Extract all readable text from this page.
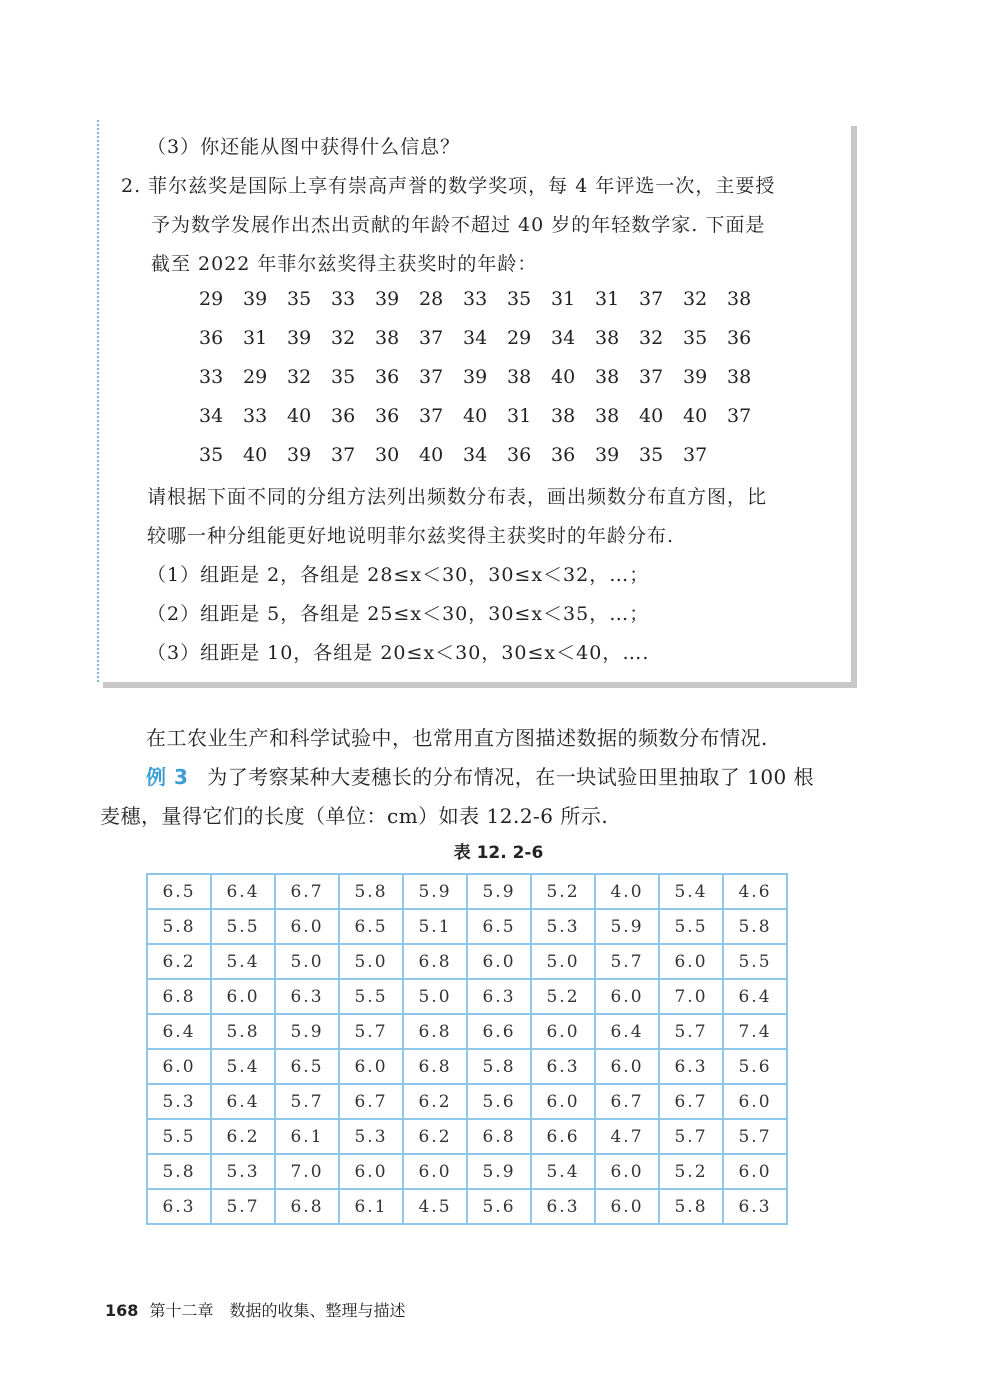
（3）你还能从图中获得什么信息？
2. 菲尔兹奖是国际上享有崇高声誉的数学奖项，每 4 年评选一次，主要授
予为数学发展作出杰出贡献的年龄不超过 40 岁的年轻数学家. 下面是
截至 2022 年菲尔兹奖得主获奖时的年龄：
29	39	35	33	39	28	33	35	31	31	37	32	38
36	31	39	32	38	37	34	29	34	38	32	35	36
33	29	32	35	36	37	39	38	40	38	37	39	38
34	33	40	36	36	37	40	31	38	38	40	40	37
35	40	39	37	30	40	34	36	36	39	35	37
请根据下面不同的分组方法列出频数分布表，画出频数分布直方图，比
较哪一种分组能更好地说明菲尔兹奖得主获奖时的年龄分布.
（1）组距是 2，各组是 28≤x＜30，30≤x＜32，…；
（2）组距是 5，各组是 25≤x＜30，30≤x＜35，…；
（3）组距是 10，各组是 20≤x＜30，30≤x＜40，….
在工农业生产和科学试验中，也常用直方图描述数据的频数分布情况.
例 3 为了考察某种大麦穗长的分布情况，在一块试验田里抽取了 100 根
麦穗，量得它们的长度（单位：cm）如表 12.2-6 所示.
表 12. 2-6
6.5	6.4	6.7	5.8	5.9	5.9	5.2	4.0	5.4	4.6
5.8	5.5	6.0	6.5	5.1	6.5	5.3	5.9	5.5	5.8
6.2	5.4	5.0	5.0	6.8	6.0	5.0	5.7	6.0	5.5
6.8	6.0	6.3	5.5	5.0	6.3	5.2	6.0	7.0	6.4
6.4	5.8	5.9	5.7	6.8	6.6	6.0	6.4	5.7	7.4
6.0	5.4	6.5	6.0	6.8	5.8	6.3	6.0	6.3	5.6
5.3	6.4	5.7	6.7	6.2	5.6	6.0	6.7	6.7	6.0
5.5	6.2	6.1	5.3	6.2	6.8	6.6	4.7	5.7	5.7
5.8	5.3	7.0	6.0	6.0	5.9	5.4	6.0	5.2	6.0
6.3	5.7	6.8	6.1	4.5	5.6	6.3	6.0	5.8	6.3
168 第十二章　数据的收集、整理与描述
